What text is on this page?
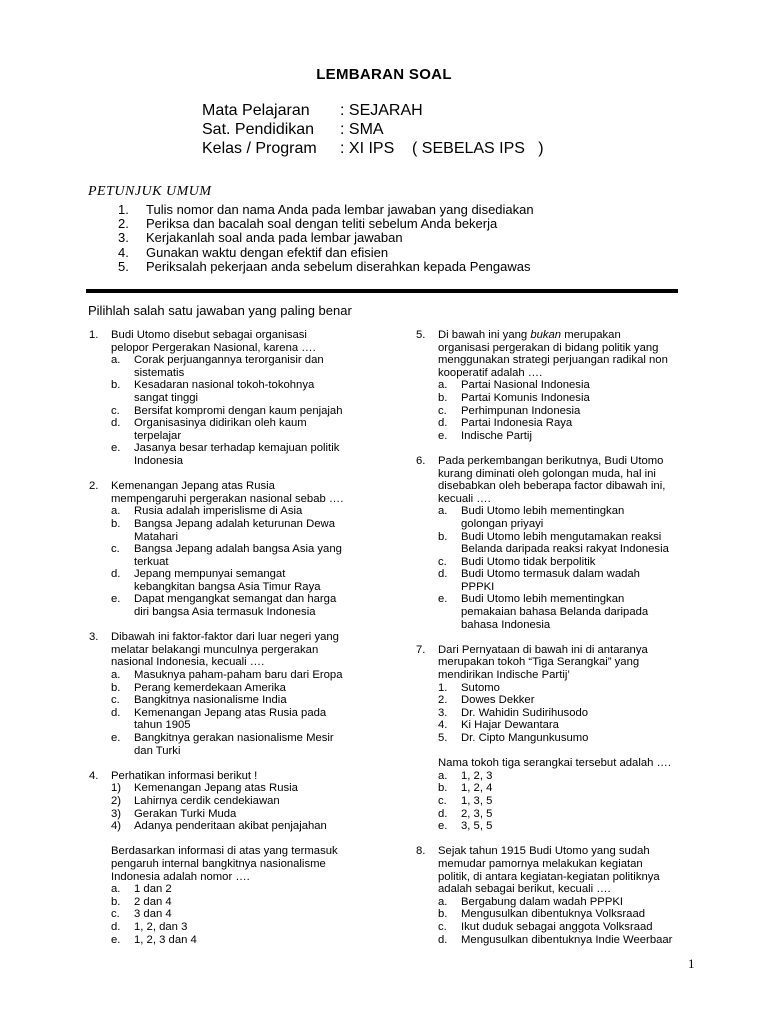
LEMBARAN SOAL
Mata Pelajaran	: SEJARAH
Sat. Pendidikan	: SMA
Kelas / Program	: XI IPS    ( SEBELAS IPS   )
PETUNJUK UMUM
1.	Tulis nomor dan nama Anda pada lembar jawaban yang disediakan
2.	Periksa dan bacalah soal dengan teliti sebelum Anda bekerja
3.	Kerjakanlah soal anda pada lembar jawaban
4.	Gunakan waktu dengan efektif dan efisien
5.	Periksalah pekerjaan anda sebelum diserahkan kepada Pengawas
Pilihlah salah satu jawaban yang paling benar
1.	Budi Utomo disebut sebagai organisasi
pelopor Pergerakan Nasional, karena ….
a.	Corak perjuangannya terorganisir dan
sistematis
b.	Kesadaran nasional tokoh-tokohnya
sangat tinggi
c.	Bersifat kompromi dengan kaum penjajah
d.	Organisasinya didirikan oleh kaum
terpelajar
e.	Jasanya besar terhadap kemajuan politik
Indonesia
2.	Kemenangan Jepang atas Rusia
mempengaruhi pergerakan nasional sebab ….
a.	Rusia adalah imperislisme di Asia
b.	Bangsa Jepang adalah keturunan Dewa
Matahari
c.	Bangsa Jepang adalah bangsa Asia yang
terkuat
d.	Jepang mempunyai semangat
kebangkitan bangsa Asia Timur Raya
e.	Dapat mengangkat semangat dan harga
diri bangsa Asia termasuk Indonesia
3.	Dibawah ini faktor-faktor dari luar negeri yang
melatar belakangi munculnya pergerakan
nasional Indonesia, kecuali ….
a.	Masuknya paham-paham baru dari Eropa
b.	Perang kemerdekaan Amerika
c.	Bangkitnya nasionalisme India
d.	Kemenangan Jepang atas Rusia pada
tahun 1905
e.	Bangkitnya gerakan nasionalisme Mesir
dan Turki
4.	Perhatikan informasi berikut !
1)	Kemenangan Jepang atas Rusia
2)	Lahirnya cerdik cendekiawan
3)	Gerakan Turki Muda
4)	Adanya penderitaan akibat penjajahan
Berdasarkan informasi di atas yang termasuk
pengaruh internal bangkitnya nasionalisme
Indonesia adalah nomor ….
a.	1 dan 2
b.	2 dan 4
c.	3 dan 4
d.	1, 2, dan 3
e.	1, 2, 3 dan 4
5.	Di bawah ini yang bukan merupakan
organisasi pergerakan di bidang politik yang
menggunakan strategi perjuangan radikal non
kooperatif adalah ….
a.	Partai Nasional Indonesia
b.	Partai Komunis Indonesia
c.	Perhimpunan Indonesia
d.	Partai Indonesia Raya
e.	Indische Partij
6.	Pada perkembangan berikutnya, Budi Utomo
kurang diminati oleh golongan muda, hal ini
disebabkan oleh beberapa factor dibawah ini,
kecuali ….
a.	Budi Utomo lebih mementingkan
golongan priyayi
b.	Budi Utomo lebih mengutamakan reaksi
Belanda daripada reaksi rakyat Indonesia
c.	Budi Utomo tidak berpolitik
d.	Budi Utomo termasuk dalam wadah
PPPKI
e.	Budi Utomo lebih mementingkan
pemakaian bahasa Belanda daripada
bahasa Indonesia
7.	Dari Pernyataan di bawah ini di antaranya
merupakan tokoh “Tiga Serangkai” yang
mendirikan Indische Partij’
1.	Sutomo
2.	Dowes Dekker
3.	Dr. Wahidin Sudirihusodo
4.	Ki Hajar Dewantara
5.	Dr. Cipto Mangunkusumo
Nama tokoh tiga serangkai tersebut adalah ….
a.	1, 2, 3
b.	1, 2, 4
c.	1, 3, 5
d.	2, 3, 5
e.	3, 5, 5
8.	Sejak tahun 1915 Budi Utomo yang sudah
memudar pamornya melakukan kegiatan
politik, di antara kegiatan-kegiatan politiknya
adalah sebagai berikut, kecuali ….
a.	Bergabung dalam wadah PPPKI
b.	Mengusulkan dibentuknya Volksraad
c.	Ikut duduk sebagai anggota Volksraad
d.	Mengusulkan dibentuknya Indie Weerbaar
1
